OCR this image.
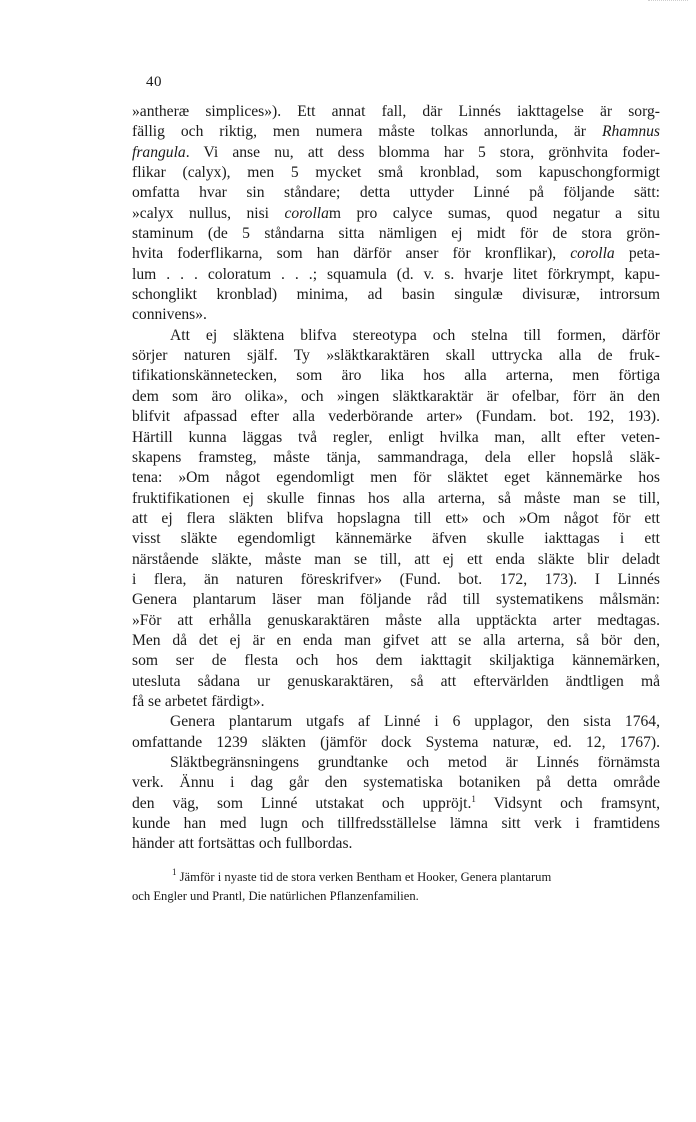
40

»antheræ simplices»). Ett annat fall, där Linnés iakttagelse är sorg-
fällig och riktig, men numera måste tolkas annorlunda, är Rhamnus
frangula. Vi anse nu, att dess blomma har 5 stora, grönhvita foder-
flikar (calyx), men 5 mycket små kronblad, som kapuschongformigt
omfatta hvar sin ståndare; detta uttyder Linné på följande sätt:
»calyx nullus, nisi corollam pro calyce sumas, quod negatur a situ
staminum (de 5 ståndarna sitta nämligen ej midt för de stora grön-
hvita foderflikarna, som han därför anser för kronflikar), corolla peta-
lum . . . coloratum . . .; squamula (d. v. s. hvarje litet förkrympt, kapu-
schonglikt kronblad) minima, ad basin singulæ divisuræ, introrsum
connivens».

Att ej släktena blifva stereotypa och stelna till formen, därför
sörjer naturen själf. Ty »släktkaraktären skall uttrycka alla de fruk-
tifikationskännetecken, som äro lika hos alla arterna, men förtiga
dem som äro olika», och »ingen släktkaraktär är ofelbar, förr än den
blifvit afpassad efter alla vederbörande arter» (Fundam. bot. 192, 193).
Härtill kunna läggas två regler, enligt hvilka man, allt efter veten-
skapens framsteg, måste tänja, sammandraga, dela eller hopslå släk-
tena: »Om något egendomligt men för släktet eget kännemärke hos
fruktifikationen ej skulle finnas hos alla arterna, så måste man se till,
att ej flera släkten blifva hopslagna till ett» och »Om något för ett
visst släkte egendomligt kännemärke äfven skulle iakttagas i ett
närstående släkte, måste man se till, att ej ett enda släkte blir deladt
i flera, än naturen föreskrifver» (Fund. bot. 172, 173). I Linnés
Genera plantarum läser man följande råd till systematikens målsmän:
»För att erhålla genuskaraktären måste alla upptäckta arter medtagas.
Men då det ej är en enda man gifvet att se alla arterna, så bör den,
som ser de flesta och hos dem iakttagit skiljaktiga kännemärken,
utesluta sådana ur genuskaraktären, så att eftervärlden ändtligen må
få se arbetet färdigt».

Genera plantarum utgafs af Linné i 6 upplagor, den sista 1764,
omfattande 1239 släkten (jämför dock Systema naturæ, ed. 12, 1767).

Släktbegränsningens grundtanke och metod är Linnés förnämsta
verk. Ännu i dag går den systematiska botaniken på detta område
den väg, som Linné utstakat och uppröjt.$^1$ Vidsynt och framsynt,
kunde han med lugn och tillfredsställelse lämna sitt verk i framtidens
händer att fortsättas och fullbordas.

$^1$ Jämför i nyaste tid de stora verken Bentham et Hooker, Genera plantarum
och Engler und Prantl, Die natürlichen Pflanzenfamilien.
